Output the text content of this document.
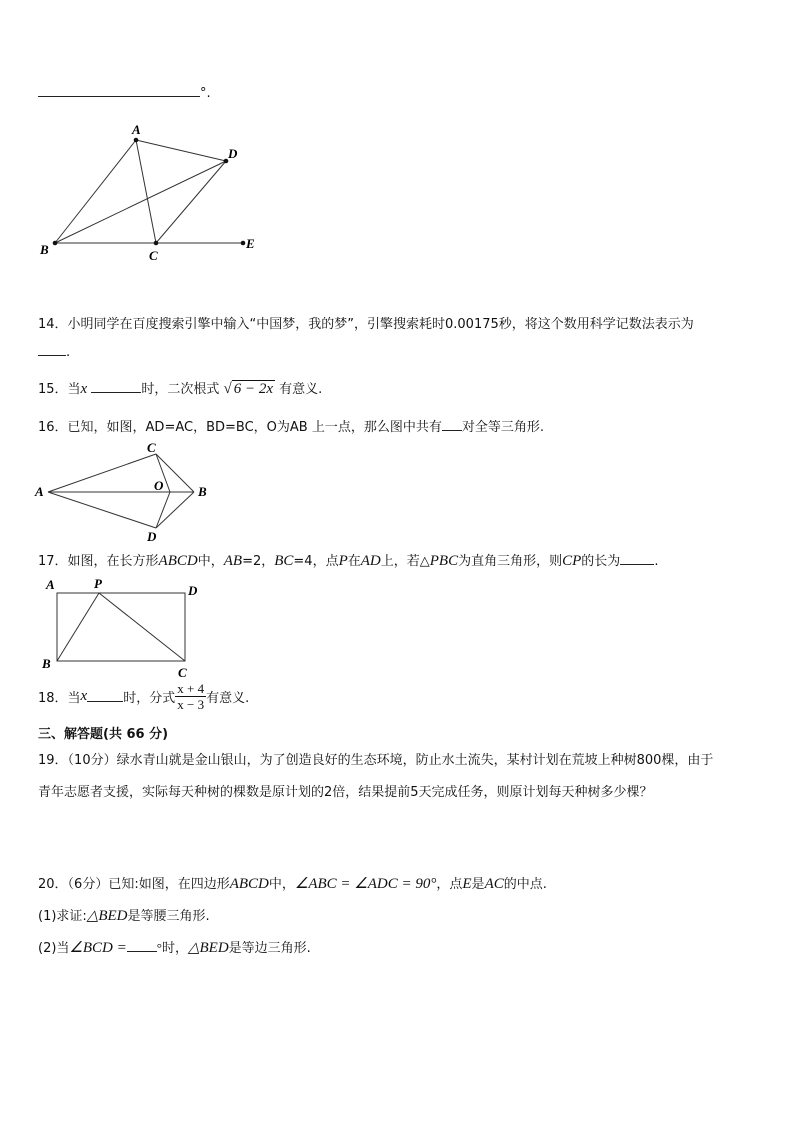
°.
A
D
B	C
E
14．小明同学在百度搜索引擎中输入“中国梦，我的梦”，引擎搜索耗时0.00175秒，将这个数用科学记数法表示为
.
15．当x	时，二次根式 √ 6 − 2x 有意义.
16．已知，如图，AD=AC，BD=BC，O为AB 上一点，那么图中共有 对全等三角形.
A
C
O	B
D
17．如图，在长方形ABCD中，AB=2，BC=4，点P在AD上，若△PBC为直角三角形，则CP的长为	.
A	P	D
B
C
18．当x	时，分式 $\frac{x + 4}{x - 3}$ 有意义.
三、解答题(共 66 分)
19．（10分）绿水青山就是金山银山，为了创造良好的生态环境，防止水土流失，某村计划在荒坡上种树800棵，由于
青年志愿者支援，实际每天种树的棵数是原计划的2倍，结果提前5天完成任务，则原计划每天种树多少棵？
20．（6分）已知:如图，在四边形ABCD中，∠ABC = ∠ADC = 90°，点E是AC的中点.
(1)求证:△BED是等腰三角形.
(2)当∠BCD = °时，△BED是等边三角形.
